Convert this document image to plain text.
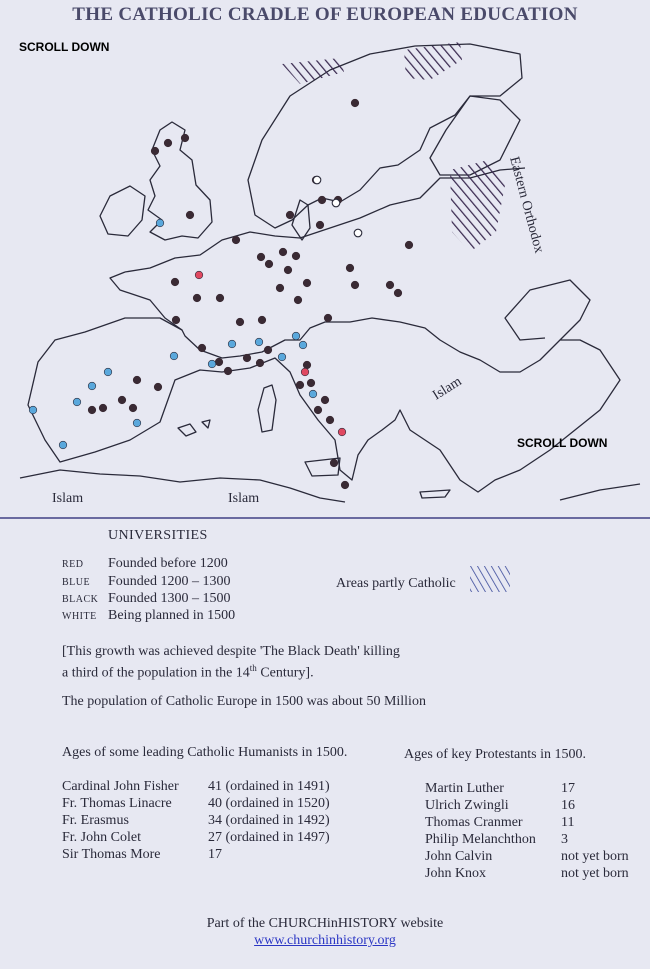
THE CATHOLIC CRADLE OF EUROPEAN EDUCATION
SCROLL DOWN
Eastern Orthodox
Islam
Islam	Islam
SCROLL DOWN
UNIVERSITIES
RED Founded before 1200
BLUE Founded 1200 – 1300
BLACK Founded 1300 – 1500
WHITE Being planned in 1500
Areas partly Catholic
[This growth was achieved despite 'The Black Death' killing
a third of the population in the 14th Century].
The population of Catholic Europe in 1500 was about 50 Million
Ages of some leading Catholic Humanists in 1500.	Ages of key Protestants in 1500.
Cardinal John Fisher 41 (ordained in 1491)
Fr. Thomas Linacre	40 (ordained in 1520)
Fr. Erasmus	34 (ordained in 1492)
Fr. John Colet	27 (ordained in 1497)
Sir Thomas More	17
Martin Luther	17
Ulrich Zwingli	16
Thomas Cranmer	11
Philip Melanchthon 3
John Calvin	not yet born
John Knox	not yet born
Part of the CHURCHinHISTORY website
www.churchinhistory.org
